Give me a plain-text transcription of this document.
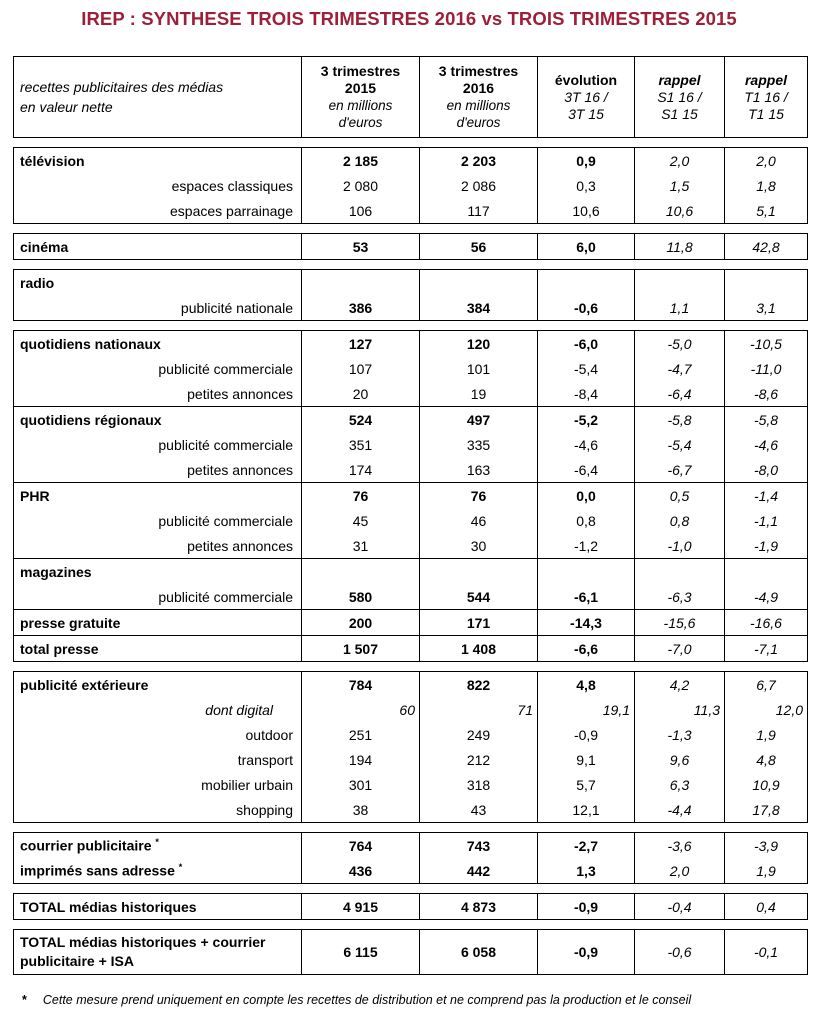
IREP : SYNTHESE TROIS TRIMESTRES 2016 vs TROIS TRIMESTRES 2015
recettes publicitaires des médias
en valeur nette	3 trimestres
2015
en millions
d'euros	3 trimestres
2016
en millions
d'euros	évolution
3T 16 /
3T 15	rappel
S1 16 /
S1 15	rappel
T1 16 /
T1 15

télévision	2 185	2 203	0,9	2,0	2,0
espaces classiques	2 080	2 086	0,3	1,5	1,8
espaces parrainage	106	117	10,6	10,6	5,1

cinéma	53	56	6,0	11,8	42,8

radio					
publicité nationale	386	384	-0,6	1,1	3,1

quotidiens nationaux	127	120	-6,0	-5,0	-10,5
publicité commerciale	107	101	-5,4	-4,7	-11,0
petites annonces	20	19	-8,4	-6,4	-8,6
quotidiens régionaux	524	497	-5,2	-5,8	-5,8
publicité commerciale	351	335	-4,6	-5,4	-4,6
petites annonces	174	163	-6,4	-6,7	-8,0
PHR	76	76	0,0	0,5	-1,4
publicité commerciale	45	46	0,8	0,8	-1,1
petites annonces	31	30	-1,2	-1,0	-1,9
magazines					
publicité commerciale	580	544	-6,1	-6,3	-4,9
presse gratuite	200	171	-14,3	-15,6	-16,6
total presse	1 507	1 408	-6,6	-7,0	-7,1

publicité extérieure	784	822	4,8	4,2	6,7
dont digital	60	71	19,1	11,3	12,0
outdoor	251	249	-0,9	-1,3	1,9
transport	194	212	9,1	9,6	4,8
mobilier urbain	301	318	5,7	6,3	10,9
shopping	38	43	12,1	-4,4	17,8

courrier publicitaire *	764	743	-2,7	-3,6	-3,9
imprimés sans adresse *	436	442	1,3	2,0	1,9

TOTAL médias historiques	4 915	4 873	-0,9	-0,4	0,4

TOTAL médias historiques + courrier publicitaire + ISA	6 115	6 058	-0,9	-0,6	-0,1
* Cette mesure prend uniquement en compte les recettes de distribution et ne comprend pas la production et le conseil
